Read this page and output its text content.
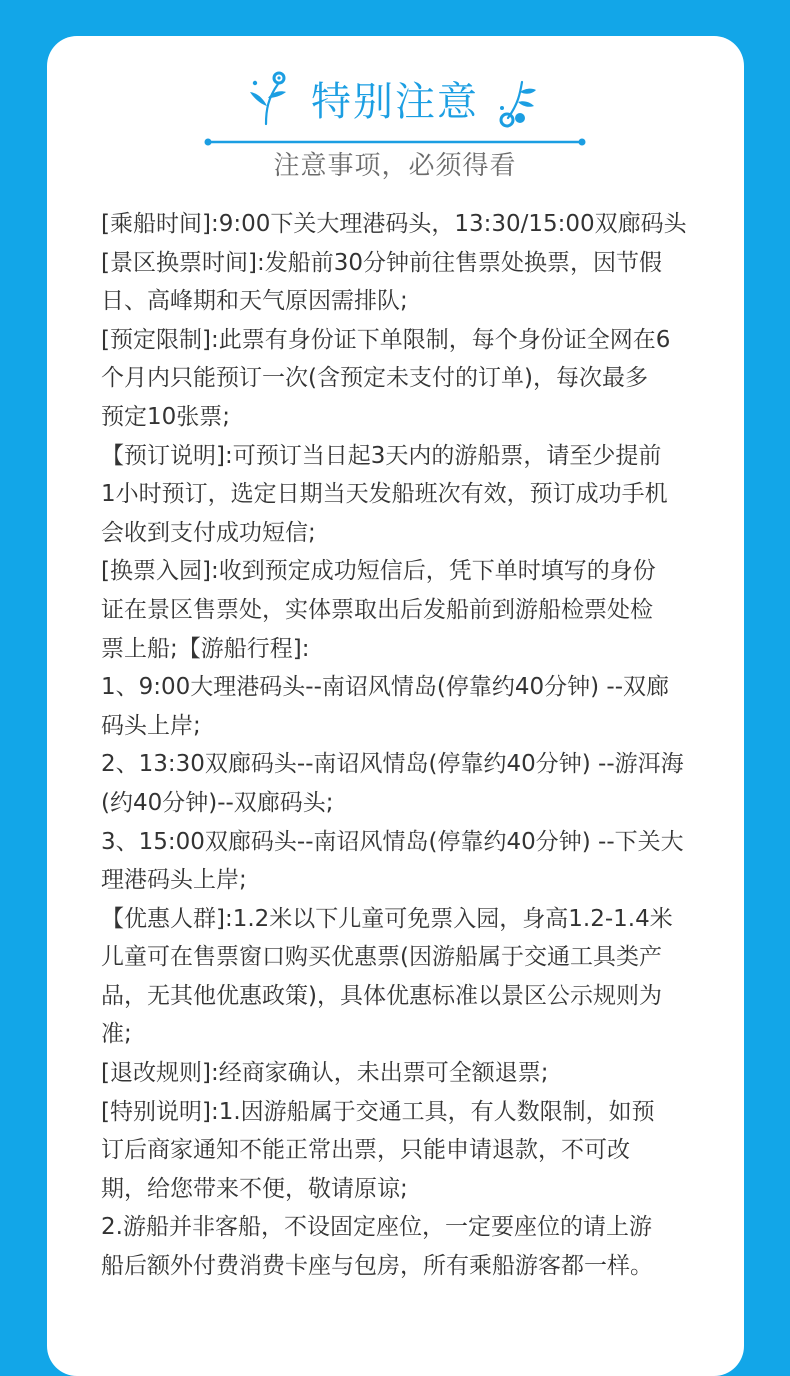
特别注意
注意事项，必须得看
[乘船时间]:9:00下关大理港码头，13:30/15:00双廊码头
[景区换票时间]:发船前30分钟前往售票处换票，因节假
日、高峰期和天气原因需排队;
[预定限制]:此票有身份证下单限制，每个身份证全网在6
个月内只能预订一次(含预定未支付的订单)，每次最多
预定10张票;
【预订说明]:可预订当日起3天内的游船票，请至少提前
1小时预订，选定日期当天发船班次有效，预订成功手机
会收到支付成功短信;
[换票入园]:收到预定成功短信后，凭下单时填写的身份
证在景区售票处，实体票取出后发船前到游船检票处检
票上船;【游船行程]:
1、9:00大理港码头--南诏风情岛(停靠约40分钟) --双廊
码头上岸;
2、13:30双廊码头--南诏风情岛(停靠约40分钟) --游洱海
(约40分钟)--双廊码头;
3、15:00双廊码头--南诏风情岛(停靠约40分钟) --下关大
理港码头上岸;
【优惠人群]:1.2米以下儿童可免票入园，身高1.2-1.4米
儿童可在售票窗口购买优惠票(因游船属于交通工具类产
品，无其他优惠政策)，具体优惠标准以景区公示规则为
准;
[退改规则]:经商家确认，未出票可全额退票;
[特别说明]:1.因游船属于交通工具，有人数限制，如预
订后商家通知不能正常出票，只能申请退款，不可改
期，给您带来不便，敬请原谅;
2.游船并非客船，不设固定座位，一定要座位的请上游
船后额外付费消费卡座与包房，所有乘船游客都一样。
